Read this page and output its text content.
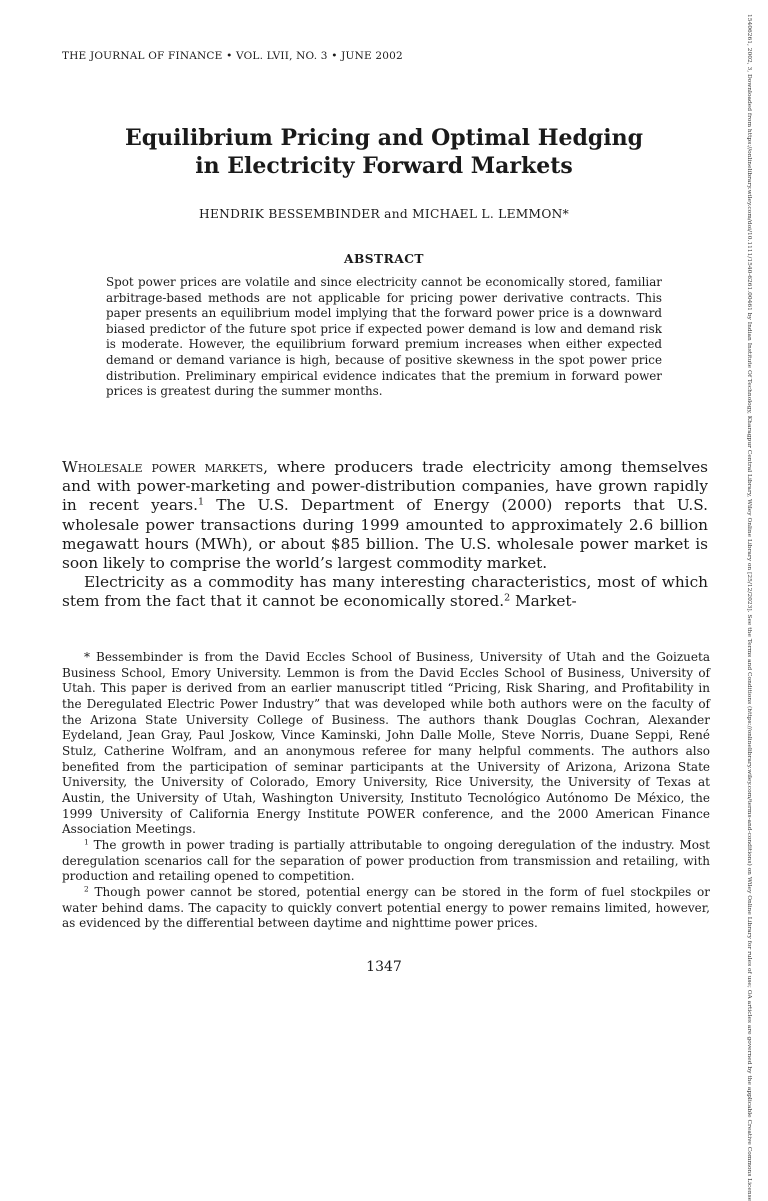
THE JOURNAL OF FINANCE • VOL. LVII, NO. 3 • JUNE 2002
Equilibrium Pricing and Optimal Hedging
in Electricity Forward Markets
HENDRIK BESSEMBINDER and MICHAEL L. LEMMON*
ABSTRACT
Spot power prices are volatile and since electricity cannot be economically stored, familiar arbitrage-based methods are not applicable for pricing power derivative contracts. This paper presents an equilibrium model implying that the forward power price is a downward biased predictor of the future spot price if expected power demand is low and demand risk is moderate. However, the equilibrium forward premium increases when either expected demand or demand variance is high, because of positive skewness in the spot power price distribution. Preliminary empirical evidence indicates that the premium in forward power prices is greatest during the summer months.

Wholesale power markets, where producers trade electricity among themselves and with power-marketing and power-distribution companies, have grown rapidly in recent years.$^1$ The U.S. Department of Energy (2000) reports that U.S. wholesale power transactions during 1999 amounted to approximately 2.6 billion megawatt hours (MWh), or about $85 billion. The U.S. wholesale power market is soon likely to comprise the world’s largest commodity market.

Electricity as a commodity has many interesting characteristics, most of which stem from the fact that it cannot be economically stored.$^2$ Market-

* Bessembinder is from the David Eccles School of Business, University of Utah and the Goizueta Business School, Emory University. Lemmon is from the David Eccles School of Business, University of Utah. This paper is derived from an earlier manuscript titled “Pricing, Risk Sharing, and Profitability in the Deregulated Electric Power Industry” that was developed while both authors were on the faculty of the Arizona State University College of Business. The authors thank Douglas Cochran, Alexander Eydeland, Jean Gray, Paul Joskow, Vince Kaminski, John Dalle Molle, Steve Norris, Duane Seppi, René Stulz, Catherine Wolfram, and an anonymous referee for many helpful comments. The authors also benefited from the participation of seminar participants at the University of Arizona, Arizona State University, the University of Colorado, Emory University, Rice University, the University of Texas at Austin, the University of Utah, Washington University, Instituto Tecnológico Autónomo De México, the 1999 University of California Energy Institute POWER conference, and the 2000 American Finance Association Meetings.

$^1$ The growth in power trading is partially attributable to ongoing deregulation of the industry. Most deregulation scenarios call for the separation of power production from transmission and retailing, with production and retailing opened to competition.

$^2$ Though power cannot be stored, potential energy can be stored in the form of fuel stockpiles or water behind dams. The capacity to quickly convert potential energy to power remains limited, however, as evidenced by the differential between daytime and nighttime power prices.

1347	15406261, 2002, 3, Downloaded from https://onlinelibrary.wiley.com/doi/10.1111/1540-6261.00461 by Indian Institute Of Technology, Kharagpur Central Library, Wiley Online Library on [25/12/2023]. See the Terms and Conditions (https://onlinelibrary.wiley.com/terms-and-conditions) on Wiley Online Library for rules of use; OA articles are governed by the applicable Creative Commons License
